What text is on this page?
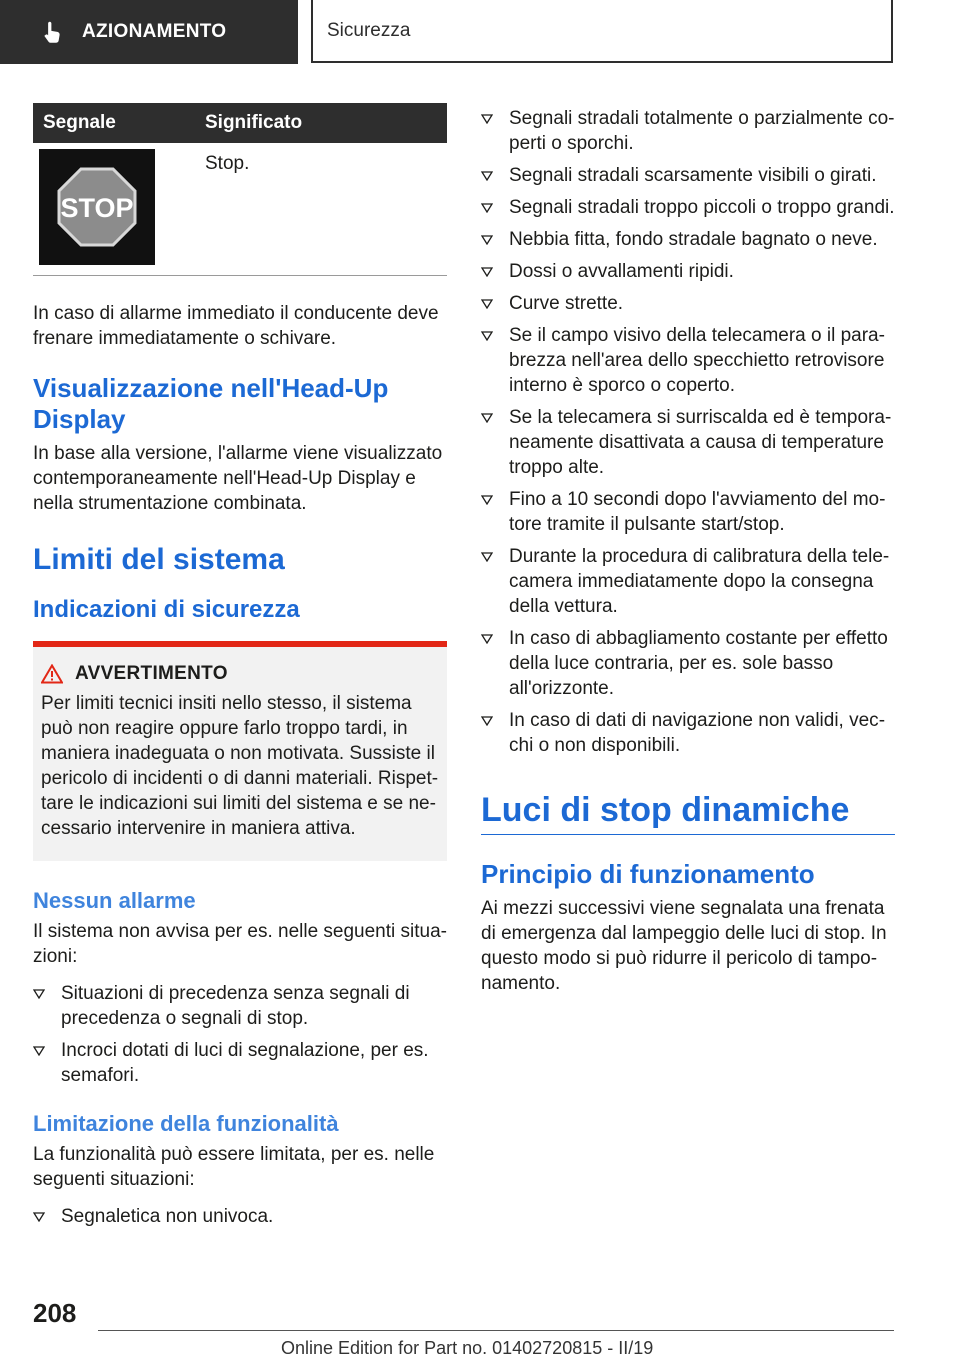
AZIONAMENTO	Sicurezza
Segnale	Significato

STOP	Stop.

In caso di allarme immediato il conducente deve frenare immediatamente o schivare.

Visualizzazione nell'Head-Up Display

In base alla versione, l'allarme viene visualizzato contemporaneamente nell'Head-Up Display e nella strumentazione combinata.

Limiti del sistema
Indicazioni di sicurezza
AVVERTIMENTO

Per limiti tecnici insiti nello stesso, il sistema può non reagire oppure farlo troppo tardi, in maniera inadeguata o non motivata. Sussiste il pericolo di incidenti o di danni materiali. Rispettare le indicazioni sui limiti del sistema e se necessario intervenire in maniera attiva.

Nessun allarme

Il sistema non avvisa per es. nelle seguenti situazioni:

Situazioni di precedenza senza segnali di precedenza o segnali di stop.
Incroci dotati di luci di segnalazione, per es. semafori.
Limitazione della funzionalità

La funzionalità può essere limitata, per es. nelle seguenti situazioni:

Segnaletica non univoca.
Segnali stradali totalmente o parzialmente coperti o sporchi.
Segnali stradali scarsamente visibili o girati.
Segnali stradali troppo piccoli o troppo grandi.
Nebbia fitta, fondo stradale bagnato o neve.
Dossi o avvallamenti ripidi.
Curve strette.
Se il campo visivo della telecamera o il parabrezza nell'area dello specchietto retrovisore interno è sporco o coperto.
Se la telecamera si surriscalda ed è temporaneamente disattivata a causa di temperature troppo alte.
Fino a 10 secondi dopo l'avviamento del motore tramite il pulsante start/stop.
Durante la procedura di calibratura della telecamera immediatamente dopo la consegna della vettura.
In caso di abbagliamento costante per effetto della luce contraria, per es. sole basso all'orizzonte.
In caso di dati di navigazione non validi, vecchi o non disponibili.
Luci di stop dinamiche
Principio di funzionamento

Ai mezzi successivi viene segnalata una frenata di emergenza dal lampeggio delle luci di stop. In questo modo si può ridurre il pericolo di tamponamento.

208
Online Edition for Part no. 01402720815 - II/19
